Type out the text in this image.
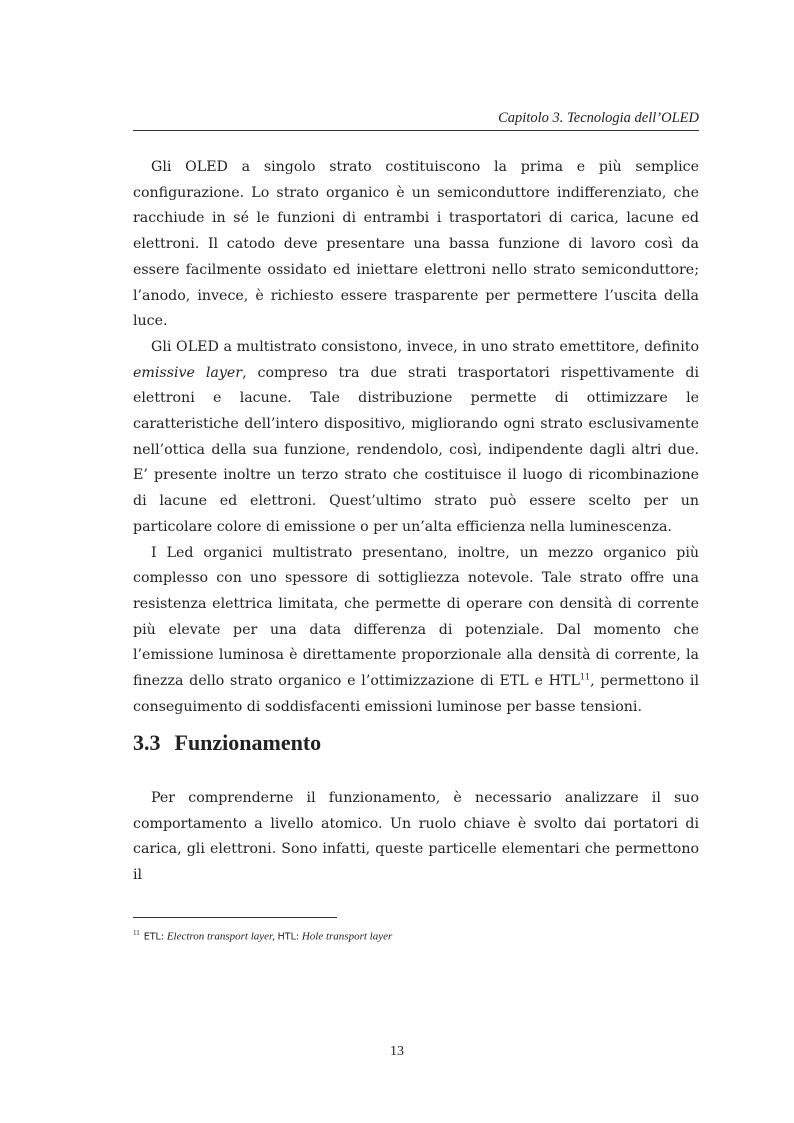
Capitolo 3. Tecnologia dell’OLED

Gli OLED a singolo strato costituiscono la prima e più semplice configurazione. Lo strato organico è un semiconduttore indifferenziato, che racchiude in sé le funzioni di entrambi i trasportatori di carica, lacune ed elettroni. Il catodo deve presentare una bassa funzione di lavoro così da essere facilmente ossidato ed iniettare elettroni nello strato semiconduttore; l’anodo, invece, è richiesto essere trasparente per permettere l’uscita della luce.

Gli OLED a multistrato consistono, invece, in uno strato emettitore, definito emissive layer, compreso tra due strati trasportatori rispettivamente di elettroni e lacune. Tale distribuzione permette di ottimizzare le caratteristiche dell’intero dispositivo, migliorando ogni strato esclusivamente nell’ottica della sua funzione, rendendolo, così, indipendente dagli altri due. E’ presente inoltre un terzo strato che costituisce il luogo di ricombinazione di lacune ed elettroni. Quest’ultimo strato può essere scelto per un particolare colore di emissione o per un’alta efficienza nella luminescenza.

I Led organici multistrato presentano, inoltre, un mezzo organico più complesso con uno spessore di sottigliezza notevole. Tale strato offre una resistenza elettrica limitata, che permette di operare con densità di corrente più elevate per una data differenza di potenziale. Dal momento che l’emissione luminosa è direttamente proporzionale alla densità di corrente, la finezza dello strato organico e l’ottimizzazione di ETL e HTL$^{11}$, permettono il conseguimento di soddisfacenti emissioni luminose per basse tensioni.

3.3 Funzionamento

Per comprenderne il funzionamento, è necessario analizzare il suo comportamento a livello atomico. Un ruolo chiave è svolto dai portatori di carica, gli elettroni. Sono infatti, queste particelle elementari che permettono il

$^{11}$ ETL: Electron transport layer, HTL: Hole transport layer
13
